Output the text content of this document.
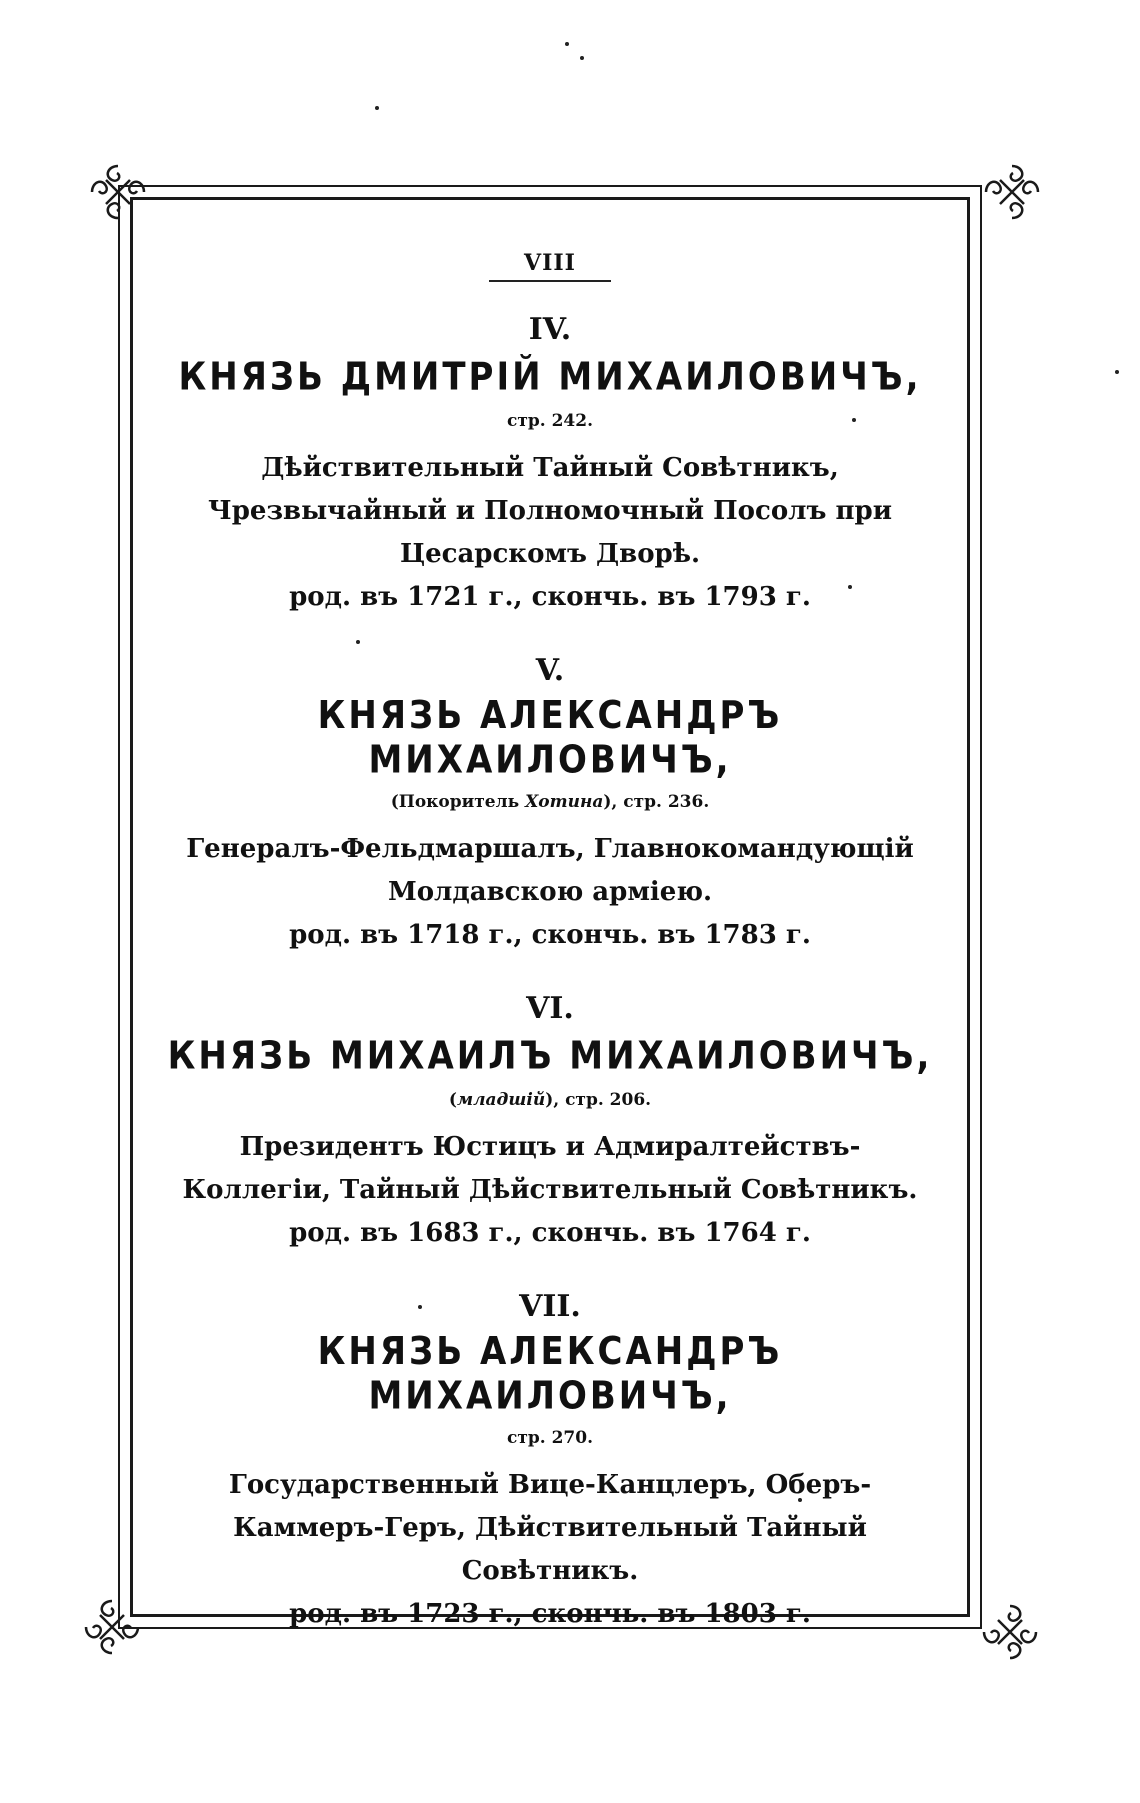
VIII
IV.
КНЯЗЬ ДМИТРІЙ МИХАИЛОВИЧЪ,
стр. 242.
Дѣйствительный Тайный Совѣтникъ, Чрезвычайный и Полномочный Посолъ при Цесарскомъ Дворѣ.
род. въ 1721 г., скончь. въ 1793 г.
V.
КНЯЗЬ АЛЕКСАНДРЪ МИХАИЛОВИЧЪ,
(Покоритель Хотина), стр. 236.
Генералъ-Фельдмаршалъ, Главнокомандующій Молдавскою арміею.
род. въ 1718 г., скончь. въ 1783 г.
VI.
КНЯЗЬ МИХАИЛЪ МИХАИЛОВИЧЪ,
(младшій), стр. 206.
Президентъ Юстицъ и Адмиралтействъ-Коллегіи, Тайный Дѣйствительный Совѣтникъ.
род. въ 1683 г., скончь. въ 1764 г.
VII.
КНЯЗЬ АЛЕКСАНДРЪ МИХАИЛОВИЧЪ,
стр. 270.
Государственный Вице-Канцлеръ, Оберъ-Каммеръ-Геръ, Дѣйствительный Тайный Совѣтникъ.
род. въ 1723 г., скончь. въ 1803 г.
